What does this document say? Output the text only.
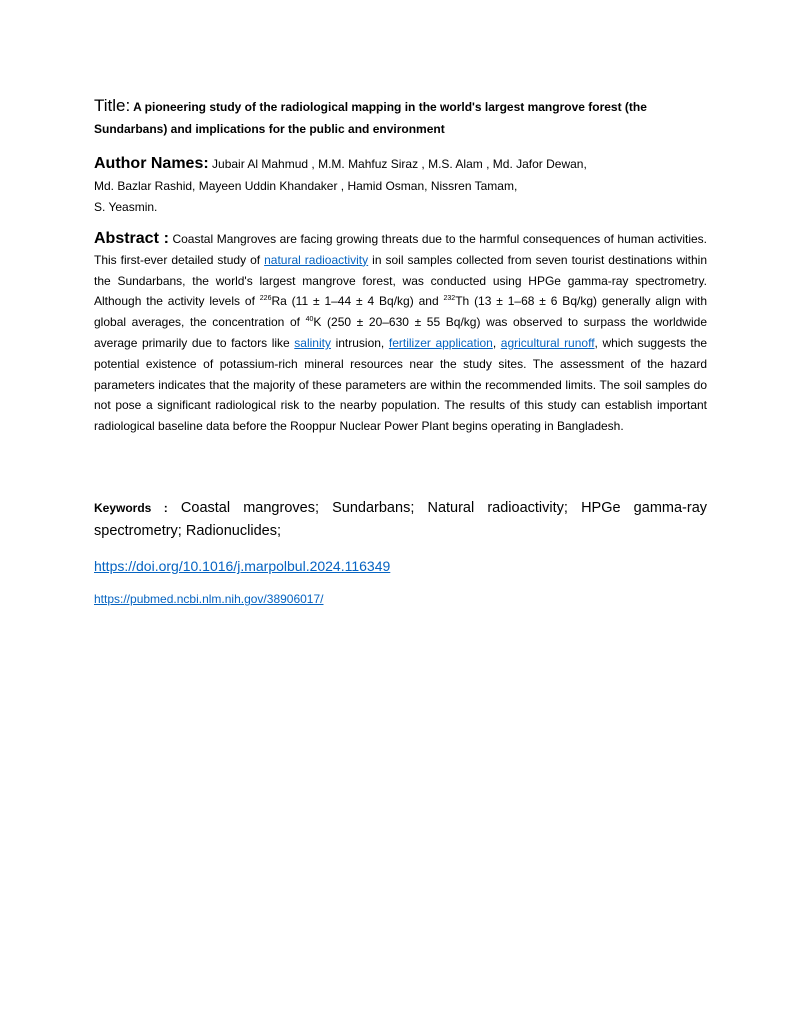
Title: A pioneering study of the radiological mapping in the world's largest mangrove forest (the Sundarbans) and implications for the public and environment
Author Names: Jubair Al Mahmud , M.M. Mahfuz Siraz , M.S. Alam , Md. Jafor Dewan,
Md. Bazlar Rashid, Mayeen Uddin Khandaker , Hamid Osman, Nissren Tamam,
S. Yeasmin.
Abstract : Coastal Mangroves are facing growing threats due to the harmful consequences of human activities. This first-ever detailed study of natural radioactivity in soil samples collected from seven tourist destinations within the Sundarbans, the world's largest mangrove forest, was conducted using HPGe gamma-ray spectrometry. Although the activity levels of $^{226}$Ra (11 ± 1–44 ± 4 Bq/kg) and $^{232}$Th (13 ± 1–68 ± 6 Bq/kg) generally align with global averages, the concentration of $^{40}$K (250 ± 20–630 ± 55 Bq/kg) was observed to surpass the worldwide average primarily due to factors like salinity intrusion, fertilizer application, agricultural runoff, which suggests the potential existence of potassium-rich mineral resources near the study sites. The assessment of the hazard parameters indicates that the majority of these parameters are within the recommended limits. The soil samples do not pose a significant radiological risk to the nearby population. The results of this study can establish important radiological baseline data before the Rooppur Nuclear Power Plant begins operating in Bangladesh.
Keywords : Coastal mangroves; Sundarbans; Natural radioactivity; HPGe gamma-ray spectrometry; Radionuclides;
https://doi.org/10.1016/j.marpolbul.2024.116349
https://pubmed.ncbi.nlm.nih.gov/38906017/
